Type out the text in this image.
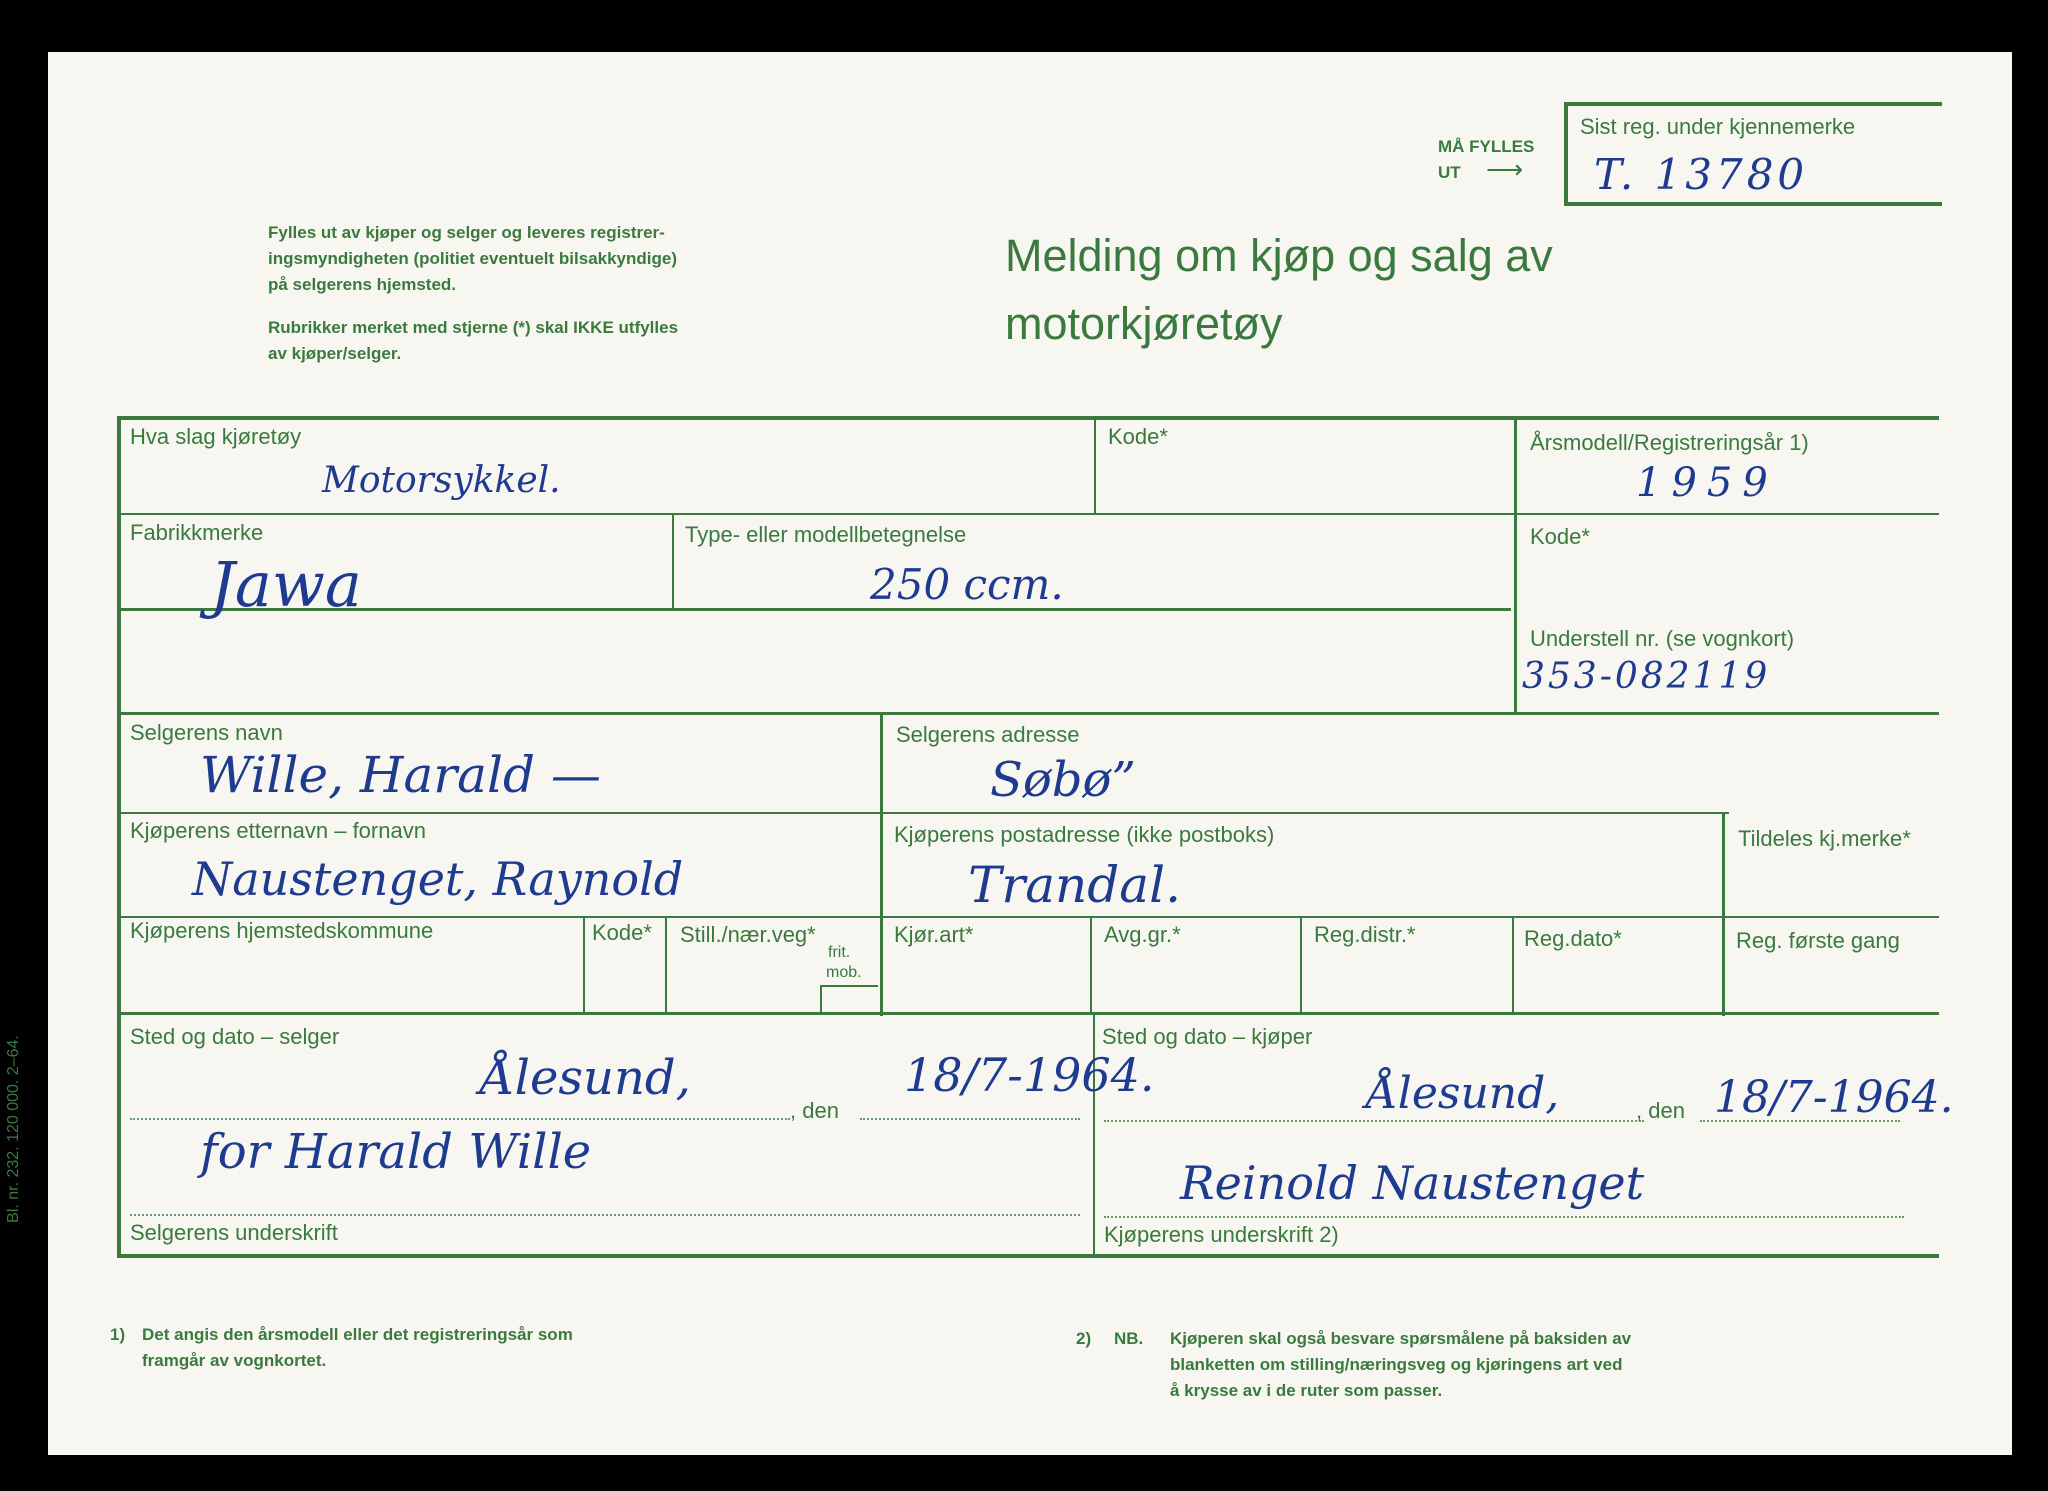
Fylles ut av kjøper og selger og leveres registrer-
ingsmyndigheten (politiet eventuelt bilsakkyndige)
på selgerens hjemsted.
Rubrikker merket med stjerne (*) skal IKKE utfylles
av kjøper/selger.
Melding om kjøp og salg av
motorkjøretøy
MÅ FYLLES
UT ⟶
Sist reg. under kjennemerke
T. 13780
Hva slag kjøretøy
Motorsykkel.
Kode*	Årsmodell/Registreringsår 1)
1959
Fabrikkmerke
Jawa
Type- eller modellbetegnelse
250 ccm.
Kode*
Understell nr. (se vognkort)
353-082119
Selgerens navn
Wille, Harald —
Selgerens adresse
Søbø”
Kjøperens etternavn – fornavn
Naustenget, Raynold
Kjøperens postadresse (ikke postboks)
Trandal.
Tildeles kj.merke*
Kjøperens hjemstedskommune	Kode* Still./nær.veg*
frit.
mob.
Kjør.art*	Avg.gr.*	Reg.distr.*	Reg.dato*	Reg. første gang
Sted og dato – selger
Ålesund,
, den
18/7-1964.
for Harald Wille
Selgerens underskrift
Sted og dato – kjøper
Ålesund,	, den 18/7-1964.
Reinold Naustenget
Kjøperens underskrift 2)
Bl. nr. 232. 120 000. 2–64.
1) Det angis den årsmodell eller det registreringsår som
framgår av vognkortet.
2) NB. Kjøperen skal også besvare spørsmålene på baksiden av
blanketten om stilling/næringsveg og kjøringens art ved
å krysse av i de ruter som passer.
